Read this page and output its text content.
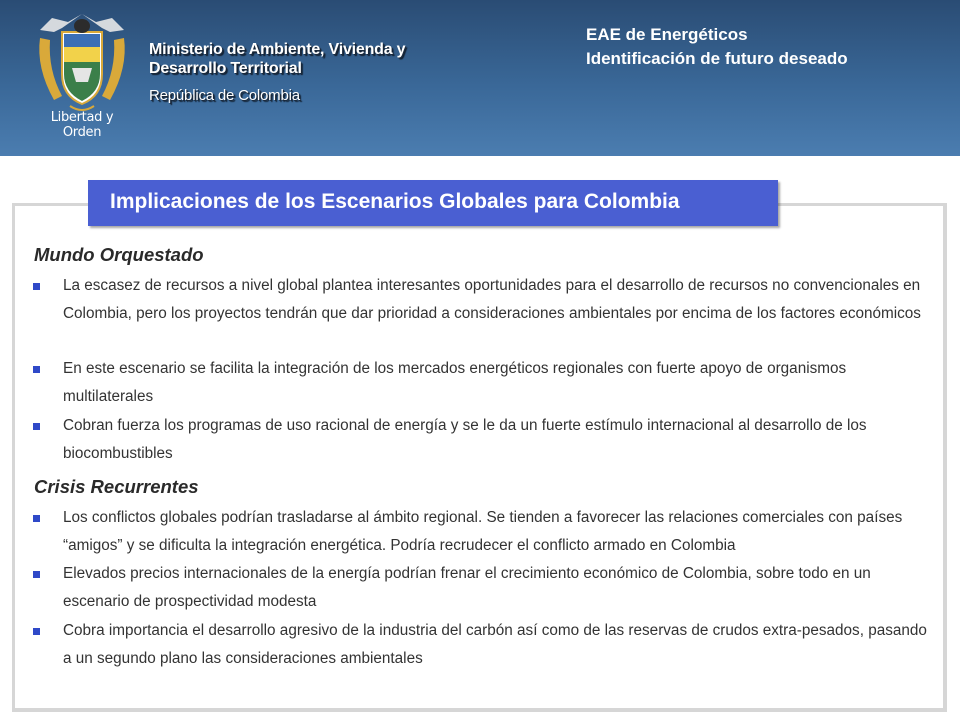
Libertad y Orden
Ministerio de Ambiente, Vivienda y
Desarrollo Territorial
República de Colombia
EAE de Energéticos
Identificación de futuro deseado
Implicaciones de los Escenarios Globales para Colombia
Mundo Orquestado
La escasez de recursos a nivel global plantea interesantes oportunidades para el desarrollo de recursos no convencionales en Colombia, pero los proyectos tendrán que dar prioridad a consideraciones ambientales por encima de los factores económicos
En este escenario se facilita la integración de los mercados energéticos regionales con fuerte apoyo de organismos multilaterales
Cobran fuerza los programas de uso racional de energía y se le da un fuerte estímulo internacional al desarrollo de los biocombustibles
Crisis Recurrentes
Los conflictos globales podrían trasladarse al ámbito regional. Se tienden a favorecer las relaciones comerciales con países “amigos” y se dificulta la integración energética. Podría recrudecer el conflicto armado en Colombia
Elevados precios internacionales de la energía podrían frenar el crecimiento económico de Colombia, sobre todo en un escenario de prospectividad modesta
Cobra importancia el desarrollo agresivo de la industria del carbón así como de las reservas de crudos extra-pesados, pasando a un segundo plano las consideraciones ambientales
